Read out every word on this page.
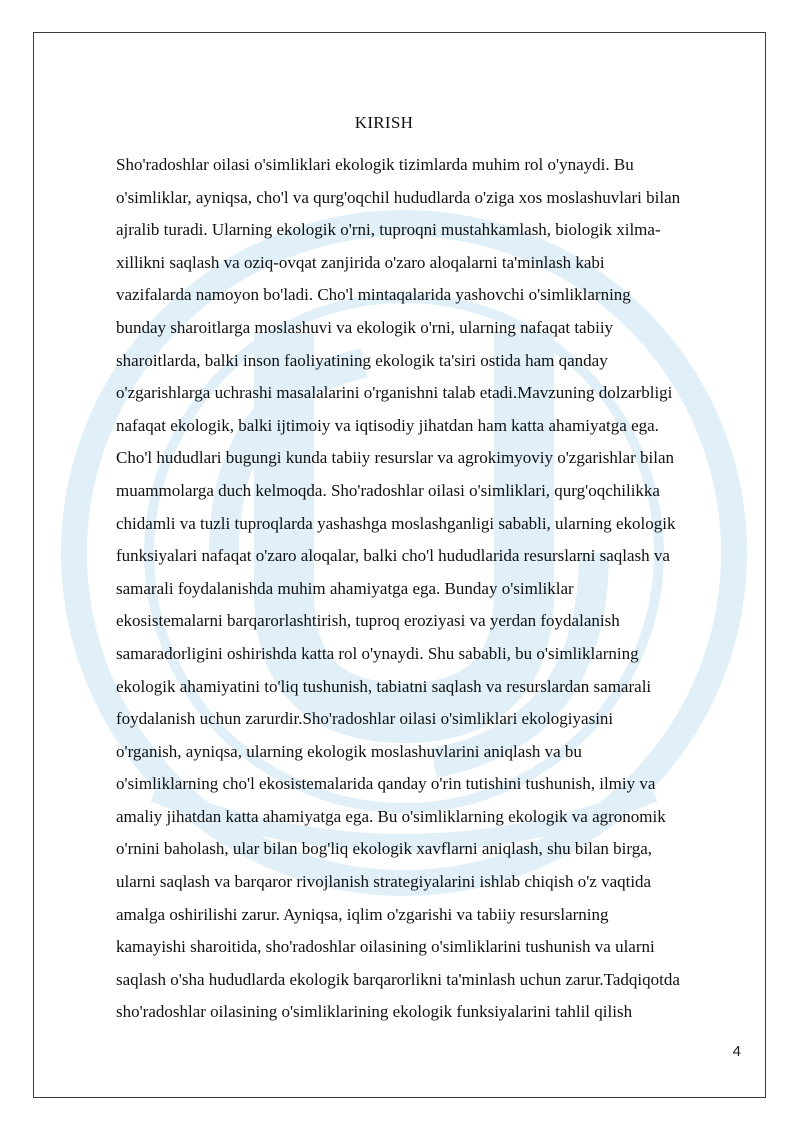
KIRISH

Sho'radoshlar oilasi o'simliklari ekologik tizimlarda muhim rol o'ynaydi. Bu
o'simliklar, ayniqsa, cho'l va qurg'oqchil hududlarda o'ziga xos moslashuvlari bilan
ajralib turadi. Ularning ekologik o'rni, tuproqni mustahkamlash, biologik xilma-
xillikni saqlash va oziq-ovqat zanjirida o'zaro aloqalarni ta'minlash kabi
vazifalarda namoyon bo'ladi. Cho'l mintaqalarida yashovchi o'simliklarning
bunday sharoitlarga moslashuvi va ekologik o'rni, ularning nafaqat tabiiy
sharoitlarda, balki inson faoliyatining ekologik ta'siri ostida ham qanday
o'zgarishlarga uchrashi masalalarini o'rganishni talab etadi.Mavzuning dolzarbligi
nafaqat ekologik, balki ijtimoiy va iqtisodiy jihatdan ham katta ahamiyatga ega.
Cho'l hududlari bugungi kunda tabiiy resurslar va agrokimyoviy o'zgarishlar bilan
muammolarga duch kelmoqda. Sho'radoshlar oilasi o'simliklari, qurg'oqchilikka
chidamli va tuzli tuproqlarda yashashga moslashganligi sababli, ularning ekologik
funksiyalari nafaqat o'zaro aloqalar, balki cho'l hududlarida resurslarni saqlash va
samarali foydalanishda muhim ahamiyatga ega. Bunday o'simliklar
ekosistemalarni barqarorlashtirish, tuproq eroziyasi va yerdan foydalanish
samaradorligini oshirishda katta rol o'ynaydi. Shu sababli, bu o'simliklarning
ekologik ahamiyatini to'liq tushunish, tabiatni saqlash va resurslardan samarali
foydalanish uchun zarurdir.Sho'radoshlar oilasi o'simliklari ekologiyasini
o'rganish, ayniqsa, ularning ekologik moslashuvlarini aniqlash va bu
o'simliklarning cho'l ekosistemalarida qanday o'rin tutishini tushunish, ilmiy va
amaliy jihatdan katta ahamiyatga ega. Bu o'simliklarning ekologik va agronomik
o'rnini baholash, ular bilan bog'liq ekologik xavflarni aniqlash, shu bilan birga,
ularni saqlash va barqaror rivojlanish strategiyalarini ishlab chiqish o'z vaqtida
amalga oshirilishi zarur. Ayniqsa, iqlim o'zgarishi va tabiiy resurslarning
kamayishi sharoitida, sho'radoshlar oilasining o'simliklarini tushunish va ularni
saqlash o'sha hududlarda ekologik barqarorlikni ta'minlash uchun zarur.Tadqiqotda
sho'radoshlar oilasining o'simliklarining ekologik funksiyalarini tahlil qilish

4
